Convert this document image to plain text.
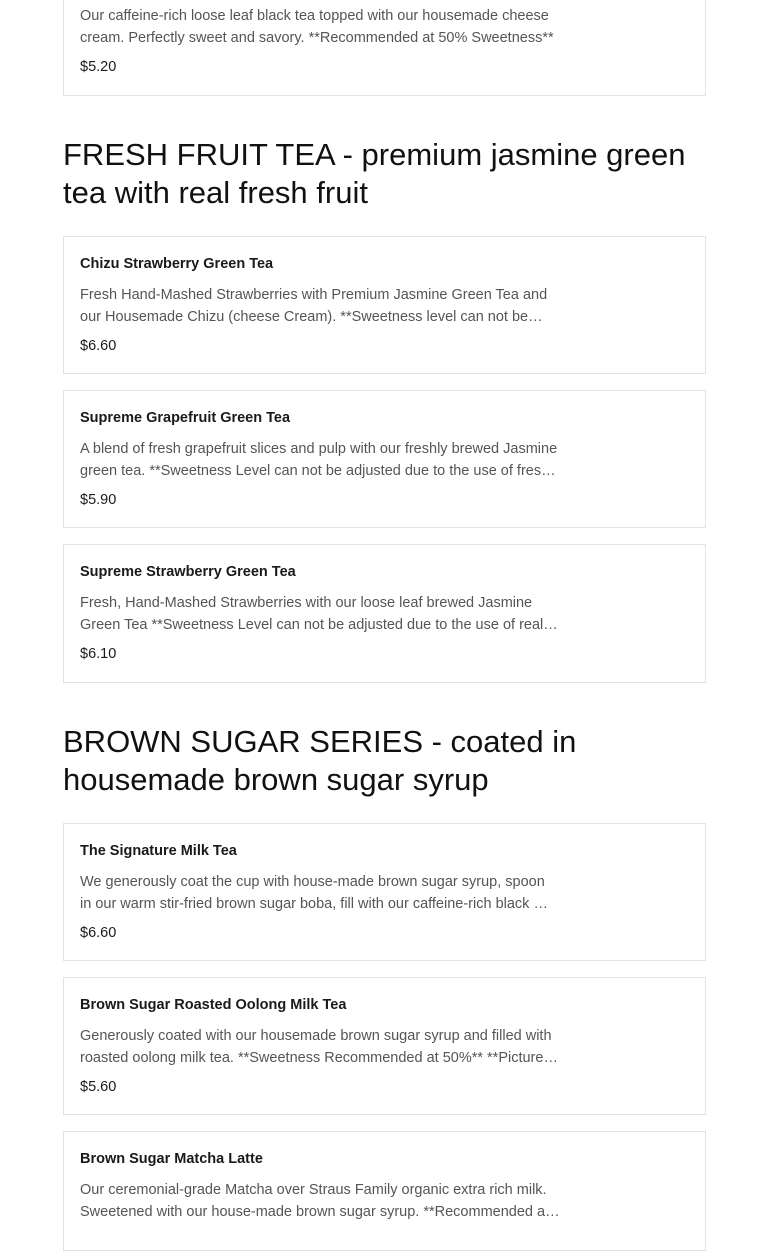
Our caffeine-rich loose leaf black tea topped with our housemade cheese cream. Perfectly sweet and savory. **Recommended at 50% Sweetness**
$5.20
FRESH FRUIT TEA - premium jasmine green tea with real fresh fruit
Chizu Strawberry Green Tea
Fresh Hand-Mashed Strawberries with Premium Jasmine Green Tea and our Housemade Chizu (cheese Cream). **Sweetness level can not be
$6.60
Supreme Grapefruit Green Tea
A blend of fresh grapefruit slices and pulp with our freshly brewed Jasmine green tea. **Sweetness Level can not be adjusted due to the use of fresh
$5.90
Supreme Strawberry Green Tea
Fresh, Hand-Mashed Strawberries with our loose leaf brewed Jasmine Green Tea **Sweetness Level can not be adjusted due to the use of real,
$6.10
BROWN SUGAR SERIES - coated in housemade brown sugar syrup
The Signature Milk Tea
We generously coat the cup with house-made brown sugar syrup, spoon in our warm stir-fried brown sugar boba, fill with our caffeine-rich black milk
$6.60
Brown Sugar Roasted Oolong Milk Tea
Generously coated with our housemade brown sugar syrup and filled with roasted oolong milk tea. **Sweetness Recommended at 50%** **Pictured
$5.60
Brown Sugar Matcha Latte
Our ceremonial-grade Matcha over Straus Family organic extra rich milk. Sweetened with our house-made brown sugar syrup. **Recommended at
